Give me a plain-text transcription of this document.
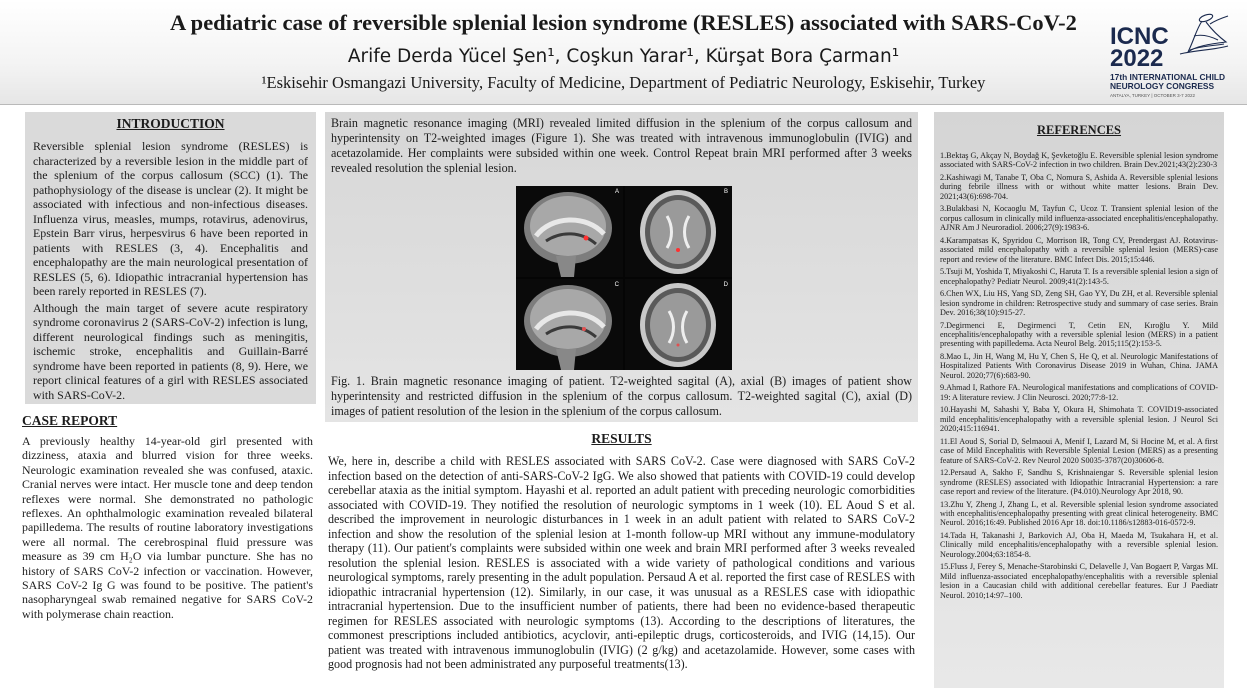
A pediatric case of reversible splenial lesion syndrome (RESLES) associated with SARS-CoV-2
Arife Derda Yücel Şen¹, Coşkun Yarar¹, Kürşat Bora Çarman¹
¹Eskisehir Osmangazi University, Faculty of Medicine, Department of Pediatric Neurology, Eskisehir, Turkey
ICNC
2022
17th INTERNATIONAL CHILD
NEUROLOGY CONGRESS
ANTALYA, TURKEY | OCTOBER 3-7 2022
INTRODUCTION

Reversible splenial lesion syndrome (RESLES) is characterized by a reversible lesion in the middle part of the splenium of the corpus callosum (SCC) (1). The pathophysiology of the disease is unclear (2). It might be associated with infectious and non-infectious diseases. Influenza virus, measles, mumps, rotavirus, adenovirus, Epstein Barr virus, herpesvirus 6 have been reported in patients with RESLES (3, 4). Encephalitis and encephalopathy are the main neurological presentation of RESLES (5, 6). Idiopathic intracranial hypertension has been rarely reported in RESLES (7).

Although the main target of severe acute respiratory syndrome coronavirus 2 (SARS-CoV-2) infection is lung, different neurological findings such as meningitis, ischemic stroke, encephalitis and Guillain-Barré syndrome have been reported in patients (8, 9). Here, we report clinical features of a girl with RESLES associated with SARS-CoV-2.

CASE REPORT

A previously healthy 14-year-old girl presented with dizziness, ataxia and blurred vision for three weeks. Neurologic examination revealed she was confused, ataxic. Cranial nerves were intact. Her muscle tone and deep tendon reflexes were normal. She demonstrated no pathologic reflexes. An ophthalmologic examination revealed bilateral papilledema. The results of routine laboratory investigations were all normal. The cerebrospinal fluid pressure was measure as 39 cm H₂O via lumbar puncture. She has no history of SARS CoV-2 infection or vaccination. However, SARS CoV-2 Ig G was found to be positive. The patient's nasopharyngeal swab remained negative for SARS CoV-2 with polymerase chain reaction.

Brain magnetic resonance imaging (MRI) revealed limited diffusion in the splenium of the corpus callosum and hyperintensity on T2-weighted images (Figure 1). She was treated with intravenous immunoglobulin (IVIG) and acetazolamide. Her complaints were subsided within one week. Control Repeat brain MRI performed after 3 weeks revealed resolution the splenial lesion.

Fig. 1. Brain magnetic resonance imaging of patient. T2-weighted sagital (A), axial (B) images of patient show hyperintensity and restricted diffusion in the splenium of the corpus callosum. T2-weighted sagital (C), axial (D) images of patient resolution of the lesion in the splenium of the corpus callosum.

A	B
C	D
RESULTS

We, here in, describe a child with RESLES associated with SARS CoV-2. Case were diagnosed with SARS CoV-2 infection based on the detection of anti-SARS-CoV-2 IgG. We also showed that patients with COVID-19 could develop cerebellar ataxia as the initial symptom. Hayashi et al. reported an adult patient with preceding neurologic comorbidities associated with COVID-19. They notified the resolution of neurologic symptoms in 1 week (10). EL Aoud S et al. described the improvement in neurologic disturbances in 1 week in an adult patient with related to SARS CoV-2 infection and show the resolution of the splenial lesion at 1-month follow-up MRI without any immune-modulatory therapy (11). Our patient's complaints were subsided within one week and brain MRI performed after 3 weeks revealed resolution the splenial lesion. RESLES is associated with a wide variety of pathological conditions and various neurological symptoms, rarely presenting in the adult population. Persaud A et al. reported the first case of RESLES with idiopathic intracranial hypertension (12). Similarly, in our case, it was unusual as a RESLES case with idiopathic intracranial hypertension. Due to the insufficient number of patients, there had been no evidence-based therapeutic regimen for RESLES associated with neurologic symptoms (13). According to the descriptions of literatures, the commonest prescriptions included antibiotics, acyclovir, anti-epileptic drugs, corticosteroids, and IVIG (14,15). Our patient was treated with intravenous immunoglobulin (IVIG) (2 g/kg) and acetazolamide. However, some cases with good prognosis had not been administrated any purposeful treatments(13).

REFERENCES

1.Bektaş G, Akçay N, Boydağ K, Şevketoğlu E. Reversible splenial lesion syndrome associated with SARS-CoV-2 infection in two children. Brain Dev.2021;43(2):230-3

2.Kashiwagi M, Tanabe T, Oba C, Nomura S, Ashida A. Reversible splenial lesions during febrile illness with or without white matter lesions. Brain Dev. 2021;43(6):698-704.

3.Bulakbasi N, Kocaoglu M, Tayfun C, Ucoz T. Transient splenial lesion of the corpus callosum in clinically mild influenza-associated encephalitis/encephalopathy. AJNR Am J Neuroradiol. 2006;27(9):1983-6.

4.Karampatsas K, Spyridou C, Morrison IR, Tong CY, Prendergast AJ. Rotavirus-associated mild encephalopathy with a reversible splenial lesion (MERS)-case report and review of the literature. BMC Infect Dis. 2015;15:446.

5.Tsuji M, Yoshida T, Miyakoshi C, Haruta T. Is a reversible splenial lesion a sign of encephalopathy? Pediatr Neurol. 2009;41(2):143-5.

6.Chen WX, Liu HS, Yang SD, Zeng SH, Gao YY, Du ZH, et al. Reversible splenial lesion syndrome in children: Retrospective study and summary of case series. Brain Dev. 2016;38(10):915-27.

7.Degirmenci E, Degirmenci T, Cetin EN, Kıroğlu Y. Mild encephalitis/encephalopathy with a reversible splenial lesion (MERS) in a patient presenting with papilledema. Acta Neurol Belg. 2015;115(2):153-5.

8.Mao L, Jin H, Wang M, Hu Y, Chen S, He Q, et al. Neurologic Manifestations of Hospitalized Patients With Coronavirus Disease 2019 in Wuhan, China. JAMA Neurol. 2020;77(6):683-90.

9.Ahmad I, Rathore FA. Neurological manifestations and complications of COVID-19: A literature review. J Clin Neurosci. 2020;77:8-12.

10.Hayashi M, Sahashi Y, Baba Y, Okura H, Shimohata T. COVID19-associated mild encephalitis/encephalopathy with a reversible splenial lesion. J Neurol Sci 2020;415:116941.

11.El Aoud S, Sorial D, Selmaoui A, Menif I, Lazard M, Si Hocine M, et al. A first case of Mild Encephalitis with Reversible Splenial Lesion (MERS) as a presenting feature of SARS-CoV-2. Rev Neurol 2020 S0035-3787(20)30606-8.

12.Persaud A, Sakho F, Sandhu S, Krishnaiengar S. Reversible splenial lesion syndrome (RESLES) associated with Idiopathic Intracranial Hypertension: a rare case report and review of the literature. (P4.010).Neurology Apr 2018, 90.

13.Zhu Y, Zheng J, Zhang L, et al. Reversible splenial lesion syndrome associated with encephalitis/encephalopathy presenting with great clinical heterogeneity. BMC Neurol. 2016;16:49. Published 2016 Apr 18. doi:10.1186/s12883-016-0572-9.

14.Tada H, Takanashi J, Barkovich AJ, Oba H, Maeda M, Tsukahara H, et al. Clinically mild encephalitis/encephalopathy with a reversible splenial lesion. Neurology.2004;63:1854-8.

15.Fluss J, Ferey S, Menache-Starobinski C, Delavelle J, Van Bogaert P, Vargas MI. Mild influenza-associated encephalopathy/encephalitis with a reversible splenial lesion in a Caucasian child with additional cerebellar features. Eur J Paediatr Neurol. 2010;14:97–100.
